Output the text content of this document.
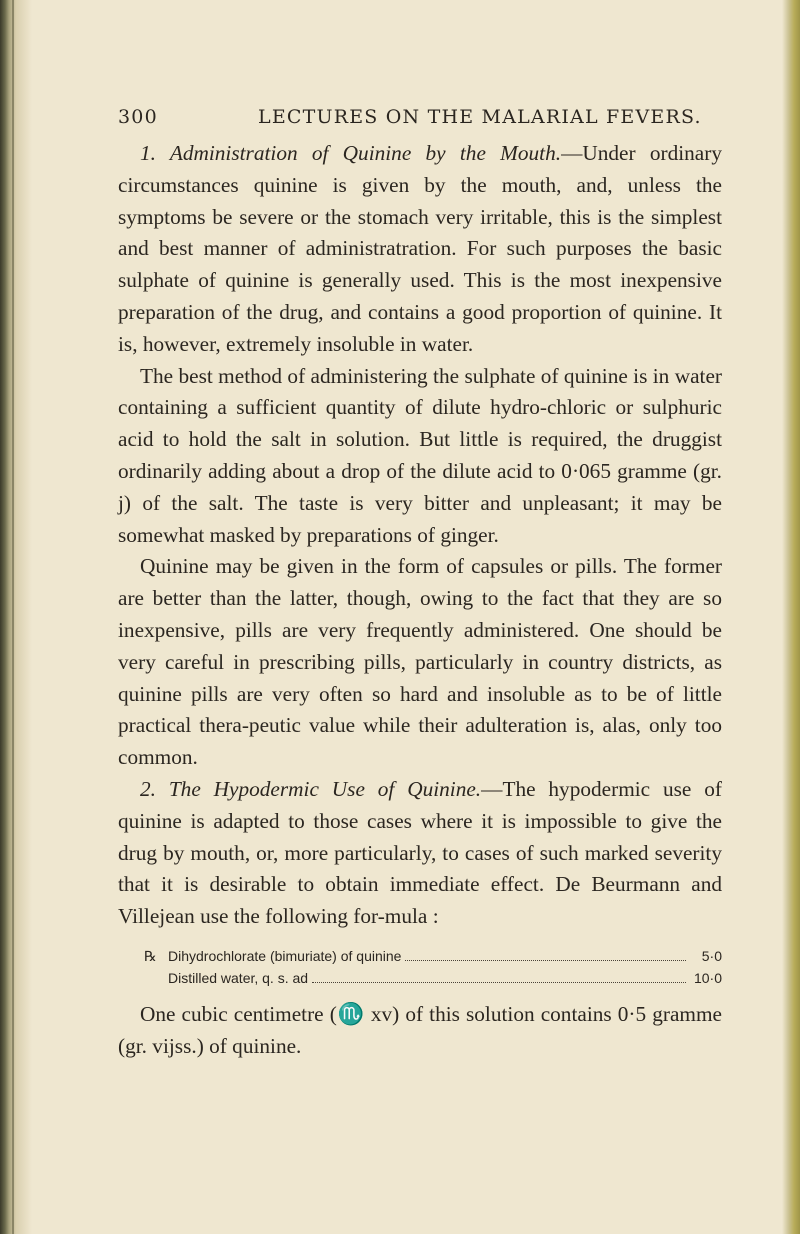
300	LECTURES ON THE MALARIAL FEVERS.

1. Administration of Quinine by the Mouth.—Under ordinary circumstances quinine is given by the mouth, and, unless the symptoms be severe or the stomach very irritable, this is the simplest and best manner of administratration. For such purposes the basic sulphate of quinine is generally used. This is the most inexpensive preparation of the drug, and contains a good proportion of quinine. It is, however, extremely insoluble in water.

The best method of administering the sulphate of quinine is in water containing a sufficient quantity of dilute hydro-chloric or sulphuric acid to hold the salt in solution. But little is required, the druggist ordinarily adding about a drop of the dilute acid to 0·065 gramme (gr. j) of the salt. The taste is very bitter and unpleasant; it may be somewhat masked by preparations of ginger.

Quinine may be given in the form of capsules or pills. The former are better than the latter, though, owing to the fact that they are so inexpensive, pills are very frequently administered. One should be very careful in prescribing pills, particularly in country districts, as quinine pills are very often so hard and insoluble as to be of little practical thera-peutic value while their adulteration is, alas, only too common.

2. The Hypodermic Use of Quinine.—The hypodermic use of quinine is adapted to those cases where it is impossible to give the drug by mouth, or, more particularly, to cases of such marked severity that it is desirable to obtain immediate effect. De Beurmann and Villejean use the following for-mula :

℞ Dihydrochlorate (bimuriate) of quinine	5·0
Distilled water, q. s. ad	10·0

One cubic centimetre (♏ xv) of this solution contains 0·5 gramme (gr. vijss.) of quinine.
